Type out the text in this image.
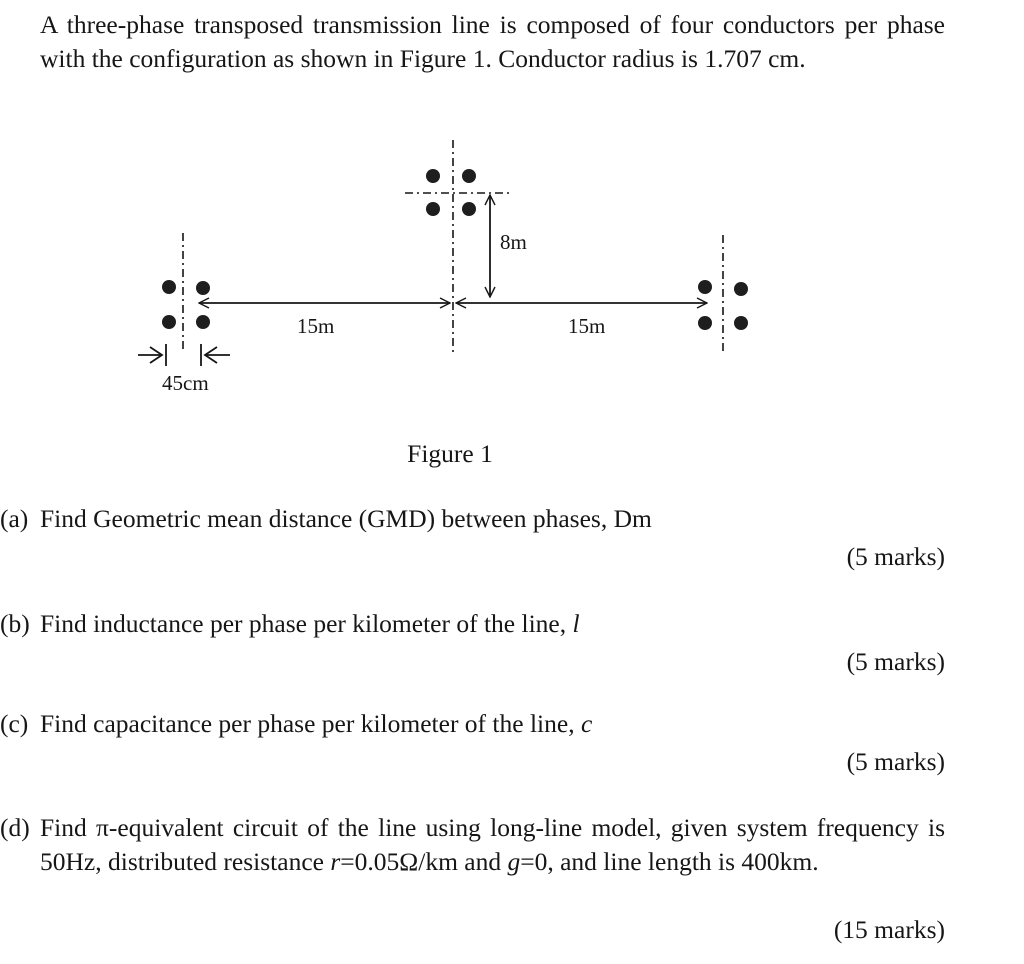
A three-phase transposed transmission line is composed of four conductors per phase with the configuration as shown in Figure 1. Conductor radius is 1.707 cm.

8m
15m	15m
45cm
Figure 1
(a) Find Geometric mean distance (GMD) between phases, Dm
(5 marks)
(b) Find inductance per phase per kilometer of the line, l
(5 marks)
(c) Find capacitance per phase per kilometer of the line, c
(5 marks)
(d) Find π-equivalent circuit of the line using long-line model, given system frequency is 50Hz, distributed resistance r=0.05Ω/km and g=0, and line length is 400km.
(15 marks)
